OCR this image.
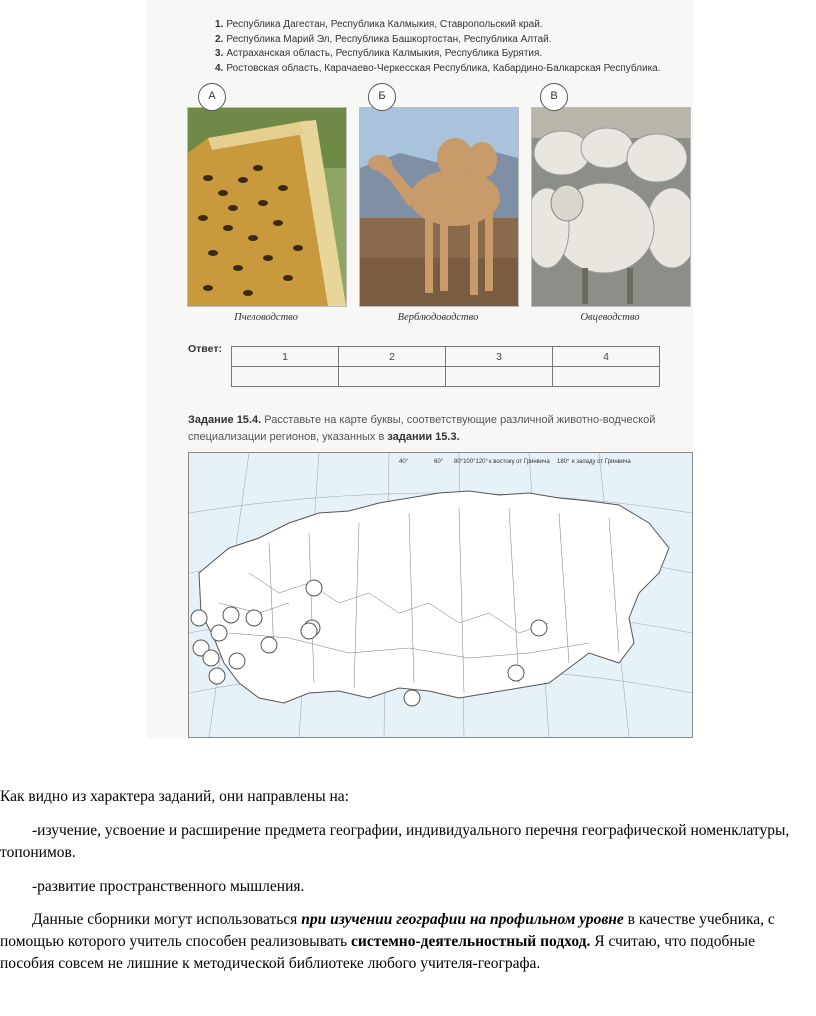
1. Республика Дагестан, Республика Калмыкия, Ставропольский край.
2. Республика Марий Эл, Республика Башкортостан, Республика Алтай.
3. Астраханская область, Республика Калмыкия, Республика Бурятия.
4. Ростовская область, Карачаево-Черкесская Республика, Кабардино-Балкарская Республика.
А
Пчеловодство
Б
Верблюдоводство
В
Овцеводство
Ответ:
1	2	3	4

Задание 15.4. Расставьте на карте буквы, соответствующие различной животно-водческой специализации регионов, указанных в задании 15.3.
40°	60° 80°100°120° к востоку от Гринвича 180° к западу от Гринвича
Как видно из характера заданий, они направлены на:
-изучение, усвоение и расширение предмета географии, индивидуального перечня географической номенклатуры, топонимов.
-развитие пространственного мышления.
Данные сборники могут использоваться при изучении географии на профильном уровне в качестве учебника, с помощью которого учитель способен реализовывать системно-деятельностный подход. Я считаю, что подобные пособия совсем не лишние к методической библиотеке любого учителя-географа.
